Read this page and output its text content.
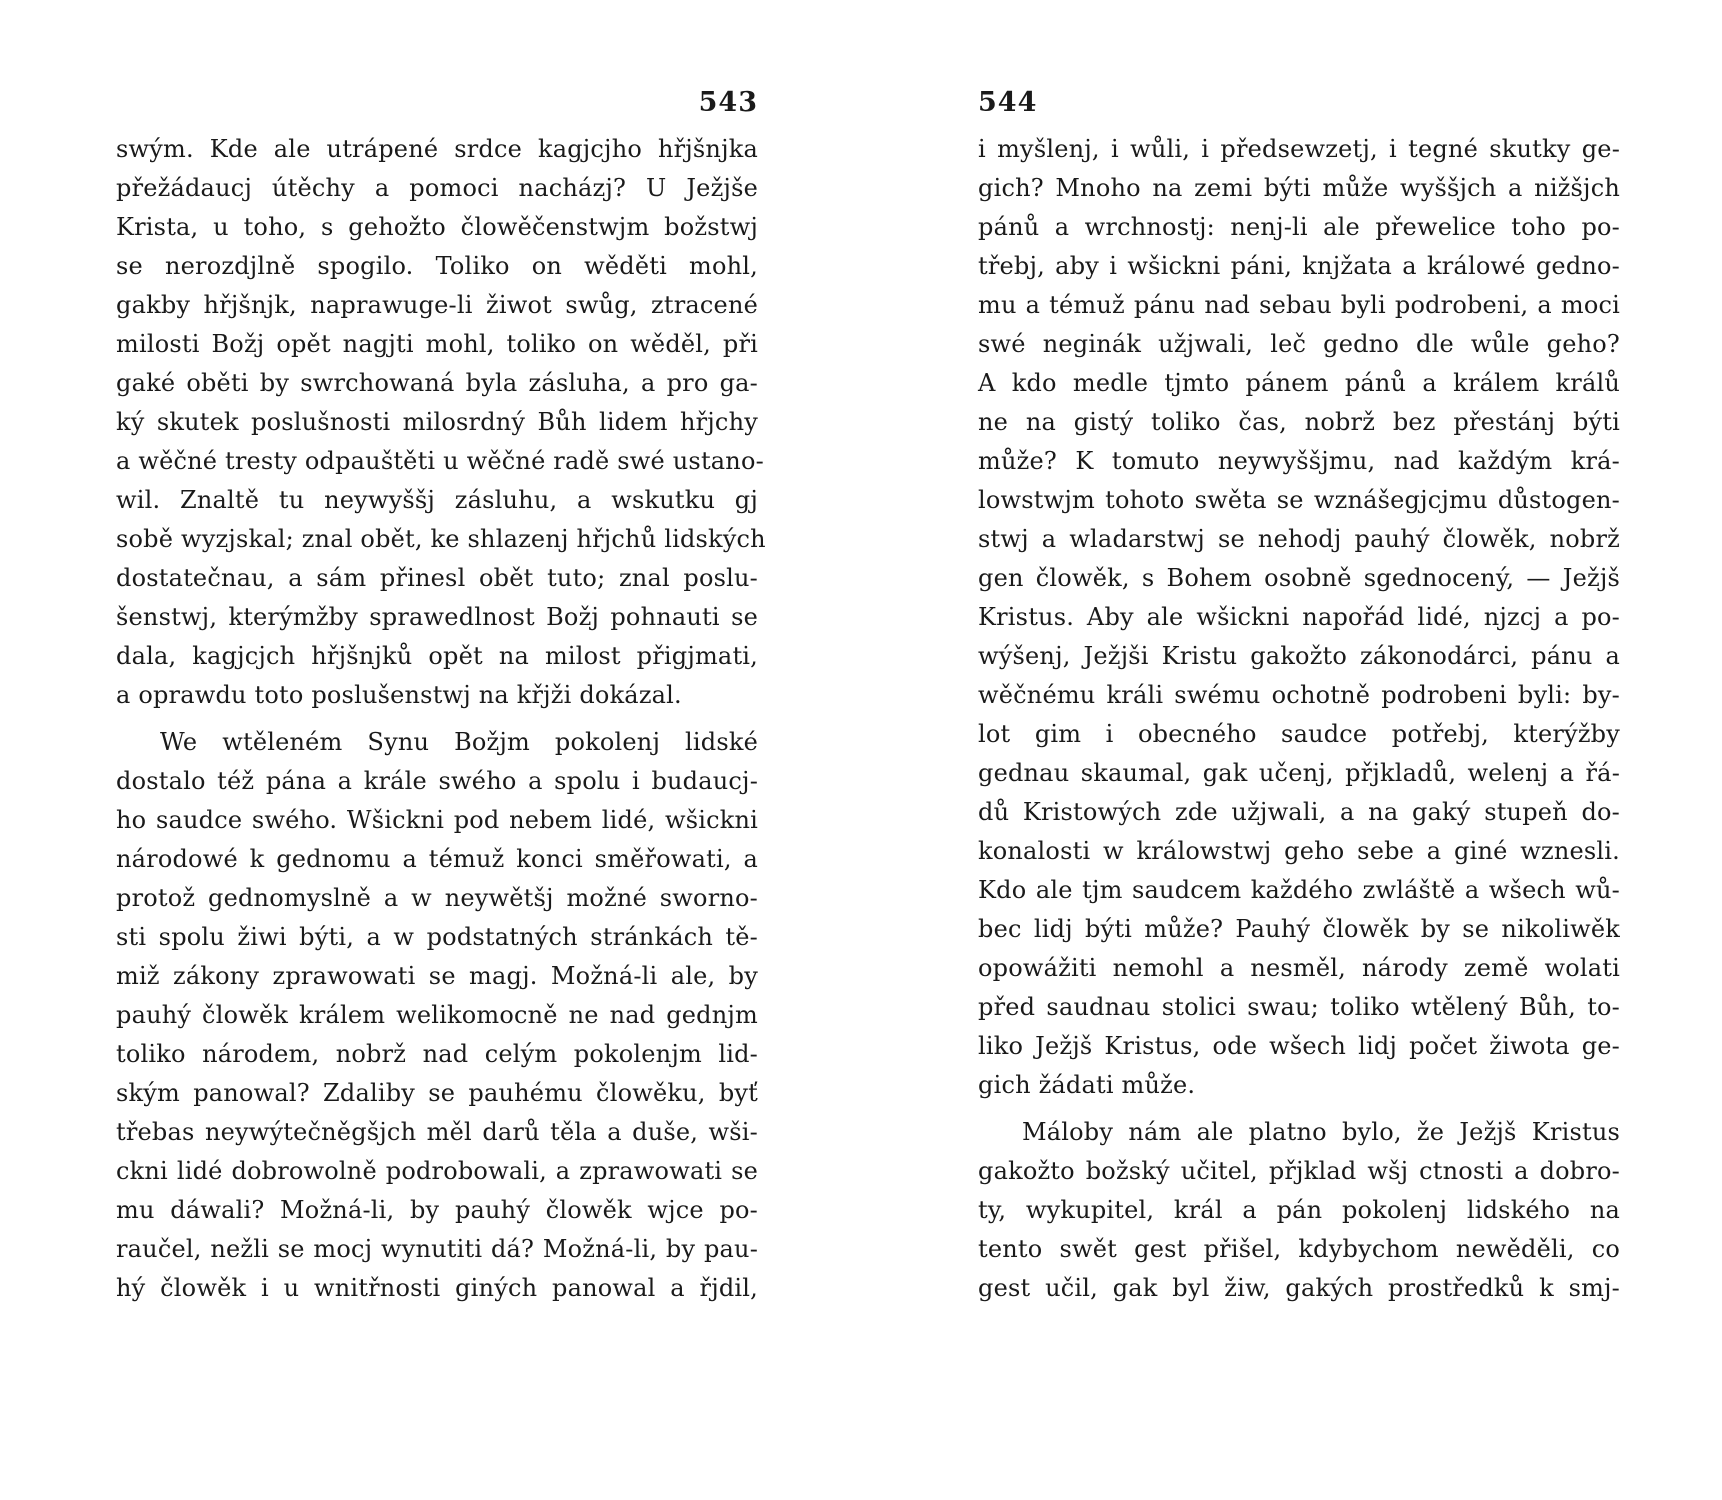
543
swým. Kde ale utrápené srdce kagjcjho hřjšnjka
přežádaucj útěchy a pomoci nacházj? U Ježjše
Krista, u toho, s gehožto člowěčenstwjm božstwj
se nerozdjlně spogilo. Toliko on wěděti mohl,
gakby hřjšnjk, naprawuge-li žiwot swůg, ztracené
milosti Božj opět nagjti mohl, toliko on wěděl, při
gaké oběti by swrchowaná byla zásluha, a pro ga-
ký skutek poslušnosti milosrdný Bůh lidem hřjchy
a wěčné tresty odpauštěti u wěčné radě swé ustano-
wil. Znaltě tu neywyššj zásluhu, a wskutku gj
sobě wyzjskal; znal obět, ke shlazenj hřjchů lidských
dostatečnau, a sám přinesl obět tuto; znal poslu-
šenstwj, kterýmžby sprawedlnost Božj pohnauti se
dala, kagjcjch hřjšnjků opět na milost přigjmati,
a oprawdu toto poslušenstwj na křjži dokázal.
We wtěleném Synu Božjm pokolenj lidské
dostalo též pána a krále swého a spolu i budaucj-
ho saudce swého. Wšickni pod nebem lidé, wšickni
národowé k gednomu a témuž konci směřowati, a
protož gednomyslně a w neywětšj možné sworno-
sti spolu žiwi býti, a w podstatných stránkách tě-
miž zákony zprawowati se magj. Možná-li ale, by
pauhý člowěk králem welikomocně ne nad gednjm
toliko národem, nobrž nad celým pokolenjm lid-
ským panowal? Zdaliby se pauhému člowěku, byť
třebas neywýtečněgšjch měl darů těla a duše, wši-
ckni lidé dobrowolně podrobowali, a zprawowati se
mu dáwali? Možná-li, by pauhý člowěk wjce po-
raučel, nežli se mocj wynutiti dá? Možná-li, by pau-
hý člowěk i u wnitřnosti giných panowal a řjdil,
544
i myšlenj, i wůli, i předsewzetj, i tegné skutky ge-
gich? Mnoho na zemi býti může wyššjch a nižšjch
pánů a wrchnostj: nenj-li ale přewelice toho po-
třebj, aby i wšickni páni, knjžata a králowé gedno-
mu a témuž pánu nad sebau byli podrobeni, a moci
swé neginák užjwali, leč gedno dle wůle geho?
A kdo medle tjmto pánem pánů a králem králů
ne na gistý toliko čas, nobrž bez přestánj býti
může? K tomuto neywyššjmu, nad každým krá-
lowstwjm tohoto swěta se wznášegjcjmu důstogen-
stwj a wladarstwj se nehodj pauhý člowěk, nobrž
gen člowěk, s Bohem osobně sgednocený, — Ježjš
Kristus. Aby ale wšickni napořád lidé, njzcj a po-
wýšenj, Ježjši Kristu gakožto zákonodárci, pánu a
wěčnému králi swému ochotně podrobeni byli: by-
lot gim i obecného saudce potřebj, kterýžby
gednau skaumal, gak učenj, přjkladů, welenj a řá-
dů Kristowých zde užjwali, a na gaký stupeň do-
konalosti w králowstwj geho sebe a giné wznesli.
Kdo ale tjm saudcem každého zwláště a wšech wů-
bec lidj býti může? Pauhý člowěk by se nikoliwěk
opowážiti nemohl a nesměl, národy země wolati
před saudnau stolici swau; toliko wtělený Bůh, to-
liko Ježjš Kristus, ode wšech lidj počet žiwota ge-
gich žádati může.
Máloby nám ale platno bylo, že Ježjš Kristus
gakožto božský učitel, přjklad wšj ctnosti a dobro-
ty, wykupitel, král a pán pokolenj lidského na
tento swět gest přišel, kdybychom newěděli, co
gest učil, gak byl žiw, gakých prostředků k smj-
